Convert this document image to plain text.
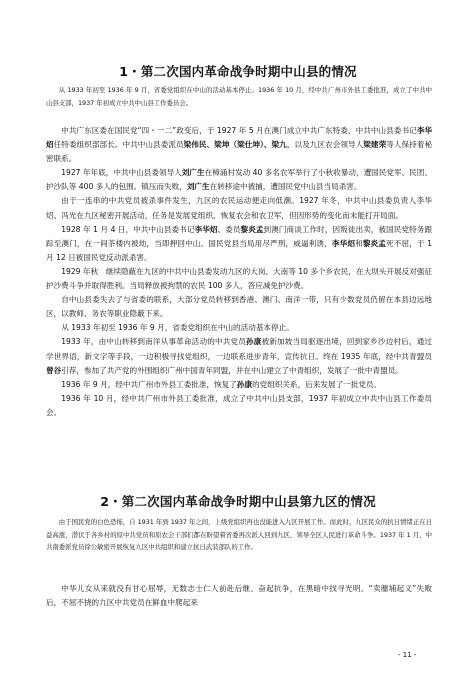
1・第二次国内革命战争时期中山县的情况

从 1933 年初至 1936 年 9 月，省委党组织在中山的活动基本停止。1936 年 10 月，经中共广州市外县工委批准，成立了中共中山县支部，1937 年初成立中共中山县工作委员会。

中共广东区委在国民党“四・一二”政变后，于 1927 年 5 月在澳门成立中共广东特委，中共中山县委书记李华炤任特委组织部部长。中共中山县委派员梁伟民、梁坤（梁仕坤）、梁九，以及九区农会领导人梁建荣等人保持着秘密联系。

1927 年年底，中共中山县委领导人刘广生在樟涌村发动 40 多名农军举行了小秋收暴动，遭国民党军、民团、护沙队等 400 多人的包围。镇压而失败，刘广生在转移途中被捕，遭国民党中山县当局杀害。

由于一连串的中共党员被杀事件发生，九区的农民运动便走向低潮。1927 年冬，中共中山县委负责人李华炤、冯光在九区秘密开展活动，任务是发展党组织，恢复农会和农卫军，但因形势的变化而未能打开局面。

1928 年 1 月 4 日，中共中山县委书记李华炤、委员黎炎孟到澳门商谈工作时，因叛徒出卖，被国民党特务跟踪至澳门，在一间茶楼内被劫，当即押回中山。国民党县当局用尽严刑，威逼利诱，李华炤和黎炎孟死不屈，于 1 月 12 日被国民党反动派杀害。

1929 年秋　继续隐蔽在九区的中共中山县委发动九区的大岗、大南等 10 多个乡农民，在大坝头开展反对强征护沙费斗争并取得胜利。当局释放被拘禁的农民 100 多人，答应减免护沙费。

自中山县委失去了与省委的联系，大部分党员转移到香港、澳门、南洋一带，只有少数党员仍留在本县边远地区，以教师、务农等职业隐蔽下来。

从 1933 年初至 1936 年 9 月，省委党组织在中山的活动基本停止。

1933 年，由中山转移到南洋从事革命活动的中共党员孙康被新加坡当局驱逐出境，回到家乡沙边村后，通过学世界语，新文字等手段，一边积极寻找党组织，一边联系进步青年，宣传抗日。终在 1935 年底，经中共青盟员曾谷引荐，参加了共产党的外围组织广州中国青年同盟，并在中山建立了中青组织，发展了一批中青盟员。

1936 年 9 月，经中共广州市外县工委批准，恢复了孙康的党组织关系，后来发展了一批党员。

1936 年 10 月，经中共广州市外县工委批准，成立了中共中山县支部，1937 年初成立中共中山县工作委员会。

2・第二次国内革命战争时期中山县第九区的情况

由于国民党的白色恐怖，自 1931 年到 1937 年之间，上级党组织再也没能进入九区开展工作。而此时，九区民众的抗日情绪正在日益高涨，潜伏于各乡村的原中共党员和原农会干部们都在盼望着省委再次派人回到九区，领导全区人民进行革命斗争。1937 年 1 月，中共南委派党员徐公敏密开展恢复九区中共组织和建立抗日武装部队的工作。

中华儿女从来就没有甘心屈辱，无数志士仁人前赴后继、奋起抗争，在黑暗中找寻光明。“卖蘼埔起义”失败后，不屈不挠的九区中共党员在鲜血中爬起来

- 11 -
